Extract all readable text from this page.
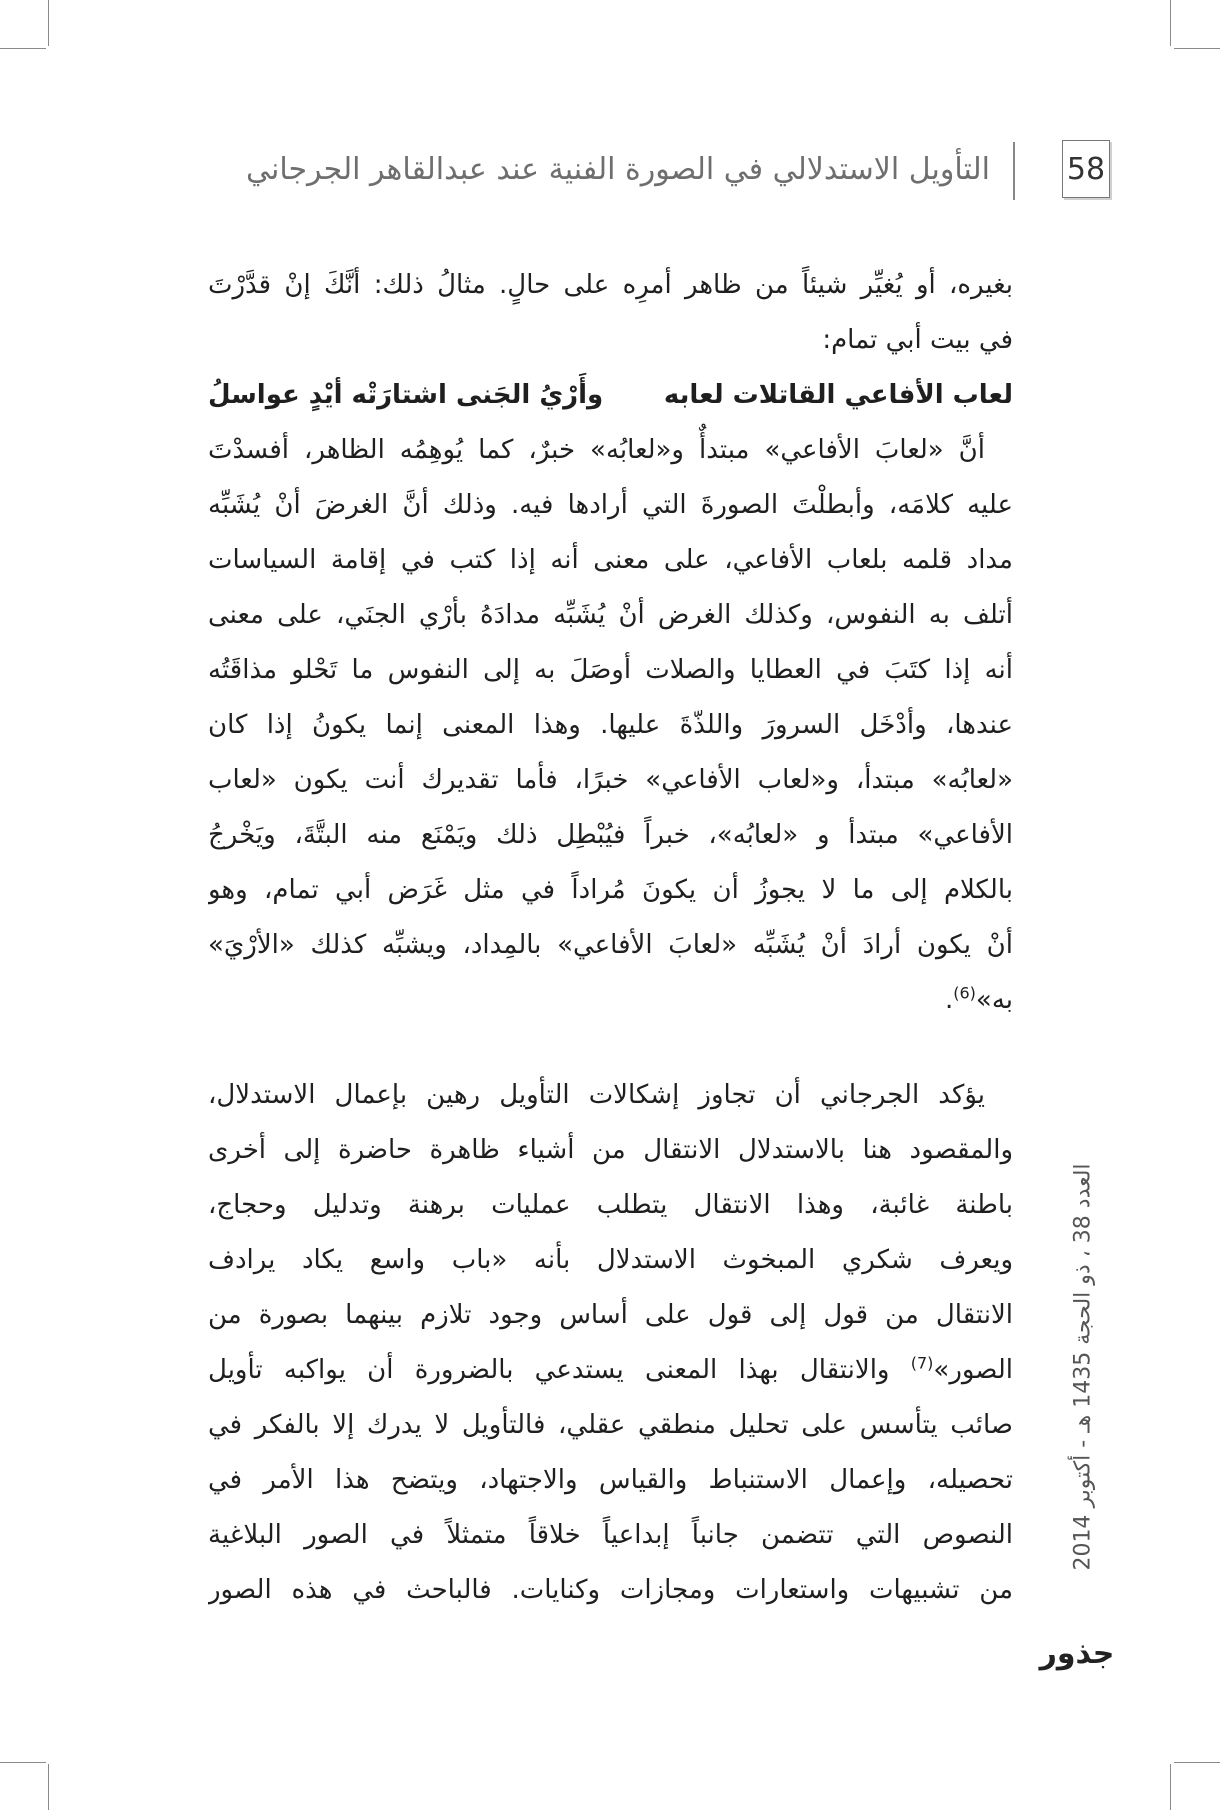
58
التأويل الاستدلالي في الصورة الفنية عند عبدالقاهر الجرجاني
بغيره، أو يُغيِّر شيئاً من ظاهر أمرِه على حالٍ. مثالُ ذلك: أنَّكَ إنْ قدَّرْتَ
في بيت أبي تمام:
لعاب الأفاعي القاتلات لعابه
وأَرْيُ الجَنى اشتارَتْه أيْدٍ عواسلُ
أنَّ «لعابَ الأفاعي» مبتدأٌ و«لعابُه» خبرٌ، كما يُوهِمُه الظاهر، أفسدْتَ
عليه كلامَه، وأبطلْتَ الصورةَ التي أرادها فيه. وذلك أنَّ الغرضَ أنْ يُشَبِّه
مداد قلمه بلعاب الأفاعي، على معنى أنه إذا كتب في إقامة السياسات
أتلف به النفوس، وكذلك الغرض أنْ يُشَبِّه مدادَهُ بأرْي الجنَي، على معنى
أنه إذا كتَبَ في العطايا والصلات أوصَلَ به إلى النفوس ما تَحْلو مذاقَتُه
عندها، وأدْخَل السرورَ واللذّةَ عليها. وهذا المعنى إنما يكونُ إذا كان
«لعابُه» مبتدأ، و«لعاب الأفاعي» خبرًا، فأما تقديرك أنت يكون «لعاب
الأفاعي» مبتدأ و «لعابُه»، خبراً فيُبْطِل ذلك ويَمْنَع منه البتَّةَ، ويَخْرجُ
بالكلام إلى ما لا يجوزُ أن يكونَ مُراداً في مثل غَرَض أبي تمام، وهو
أنْ يكون أرادَ أنْ يُشَبِّه «لعابَ الأفاعي» بالمِداد، ويشبِّه كذلك «الأرْيَ»
به»$^{(6)}$.
يؤكد الجرجاني أن تجاوز إشكالات التأويل رهين بإعمال الاستدلال،
والمقصود هنا بالاستدلال الانتقال من أشياء ظاهرة حاضرة إلى أخرى
باطنة غائبة، وهذا الانتقال يتطلب عمليات برهنة وتدليل وحجاج،
ويعرف شكري المبخوث الاستدلال بأنه «باب واسع يكاد يرادف
الانتقال من قول إلى قول على أساس وجود تلازم بينهما بصورة من
الصور»$^{(7)}$ والانتقال بهذا المعنى يستدعي بالضرورة أن يواكبه تأويل
صائب يتأسس على تحليل منطقي عقلي، فالتأويل لا يدرك إلا بالفكر في
تحصيله، وإعمال الاستنباط والقياس والاجتهاد، ويتضح هذا الأمر في
النصوص التي تتضمن جانباً إبداعياً خلاقاً متمثلاً في الصور البلاغية
من تشبيهات واستعارات ومجازات وكنايات. فالباحث في هذه الصور
العدد 38 ، ذو الحجة 1435 هـ - أكتوبر 2014
جذور
